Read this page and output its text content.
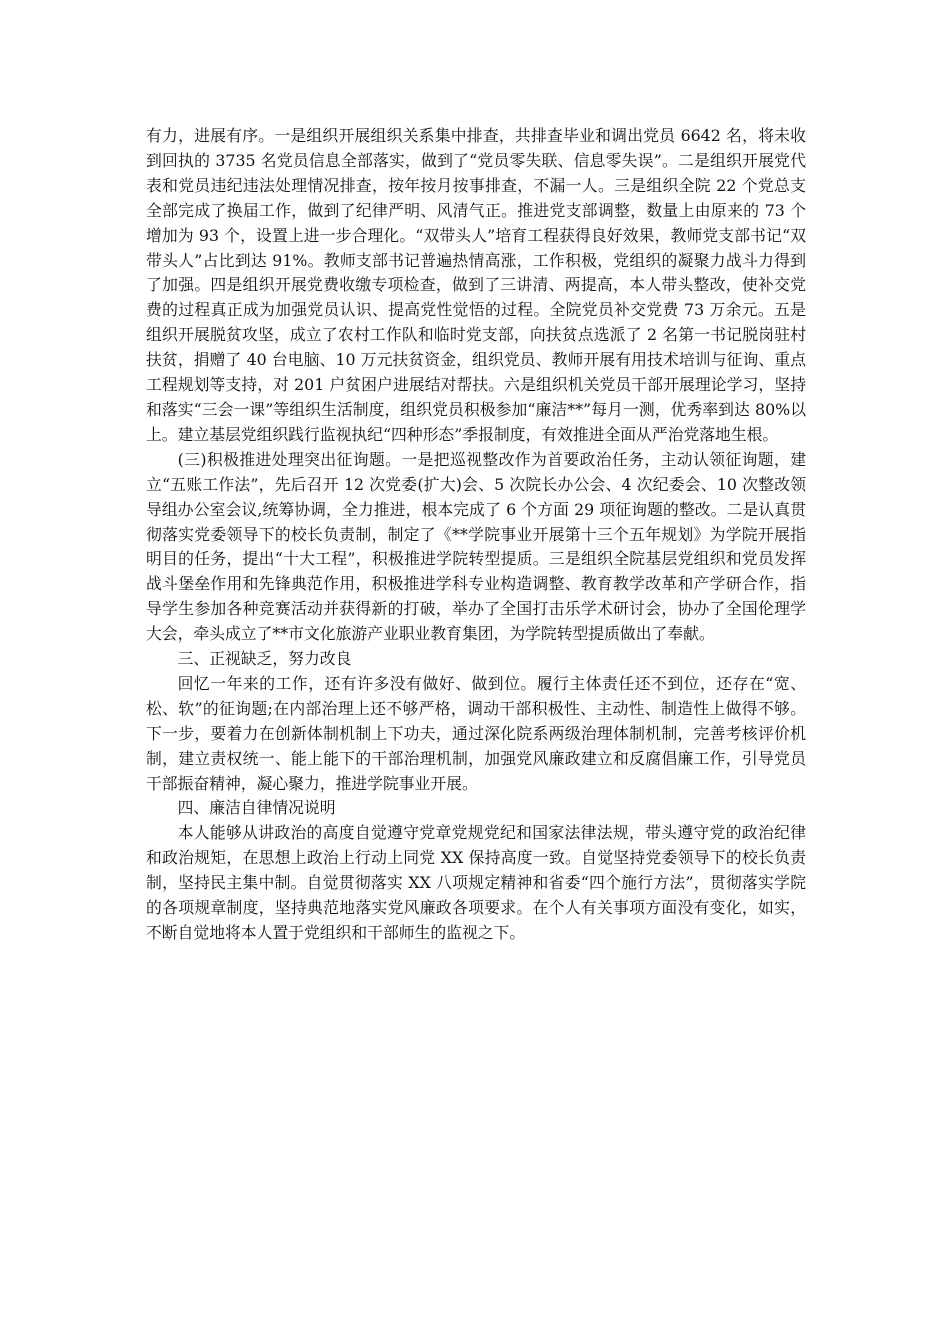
有力，进展有序。一是组织开展组织关系集中排查，共排查毕业和调出党员 6642 名，将未收到回执的 3735 名党员信息全部落实，做到了“党员零失联、信息零失误”。二是组织开展党代表和党员违纪违法处理情况排查，按年按月按事排查，不漏一人。三是组织全院 22 个党总支全部完成了换届工作，做到了纪律严明、风清气正。推进党支部调整，数量上由原来的 73 个增加为 93 个，设置上进一步合理化。“双带头人”培育工程获得良好效果，教师党支部书记“双带头人”占比到达 91%。教师支部书记普遍热情高涨，工作积极，党组织的凝聚力战斗力得到了加强。四是组织开展党费收缴专项检查，做到了三讲清、两提高，本人带头整改，使补交党费的过程真正成为加强党员认识、提高党性觉悟的过程。全院党员补交党费 73 万余元。五是组织开展脱贫攻坚，成立了农村工作队和临时党支部，向扶贫点选派了 2 名第一书记脱岗驻村扶贫，捐赠了 40 台电脑、10 万元扶贫资金，组织党员、教师开展有用技术培训与征询、重点工程规划等支持，对 201 户贫困户进展结对帮扶。六是组织机关党员干部开展理论学习，坚持和落实“三会一课”等组织生活制度，组织党员积极参加“廉洁**”每月一测，优秀率到达 80%以上。建立基层党组织践行监视执纪“四种形态”季报制度，有效推进全面从严治党落地生根。

(三)积极推进处理突出征询题。一是把巡视整改作为首要政治任务，主动认领征询题，建立“五账工作法”，先后召开 12 次党委(扩大)会、5 次院长办公会、4 次纪委会、10 次整改领导组办公室会议,统筹协调，全力推进，根本完成了 6 个方面 29 项征询题的整改。二是认真贯彻落实党委领导下的校长负责制，制定了《**学院事业开展第十三个五年规划》为学院开展指明目的任务，提出“十大工程”，积极推进学院转型提质。三是组织全院基层党组织和党员发挥战斗堡垒作用和先锋典范作用，积极推进学科专业构造调整、教育教学改革和产学研合作，指导学生参加各种竞赛活动并获得新的打破，举办了全国打击乐学术研讨会，协办了全国伦理学大会，牵头成立了**市文化旅游产业职业教育集团，为学院转型提质做出了奉献。

三、正视缺乏，努力改良

回忆一年来的工作，还有许多没有做好、做到位。履行主体责任还不到位，还存在“宽、松、软”的征询题;在内部治理上还不够严格，调动干部积极性、主动性、制造性上做得不够。下一步，要着力在创新体制机制上下功夫，通过深化院系两级治理体制机制，完善考核评价机制，建立责权统一、能上能下的干部治理机制，加强党风廉政建立和反腐倡廉工作，引导党员干部振奋精神，凝心聚力，推进学院事业开展。

四、廉洁自律情况说明

本人能够从讲政治的高度自觉遵守党章党规党纪和国家法律法规，带头遵守党的政治纪律和政治规矩，在思想上政治上行动上同党 XX 保持高度一致。自觉坚持党委领导下的校长负责制，坚持民主集中制。自觉贯彻落实 XX 八项规定精神和省委“四个施行方法”，贯彻落实学院的各项规章制度，坚持典范地落实党风廉政各项要求。在个人有关事项方面没有变化，如实，不断自觉地将本人置于党组织和干部师生的监视之下。
